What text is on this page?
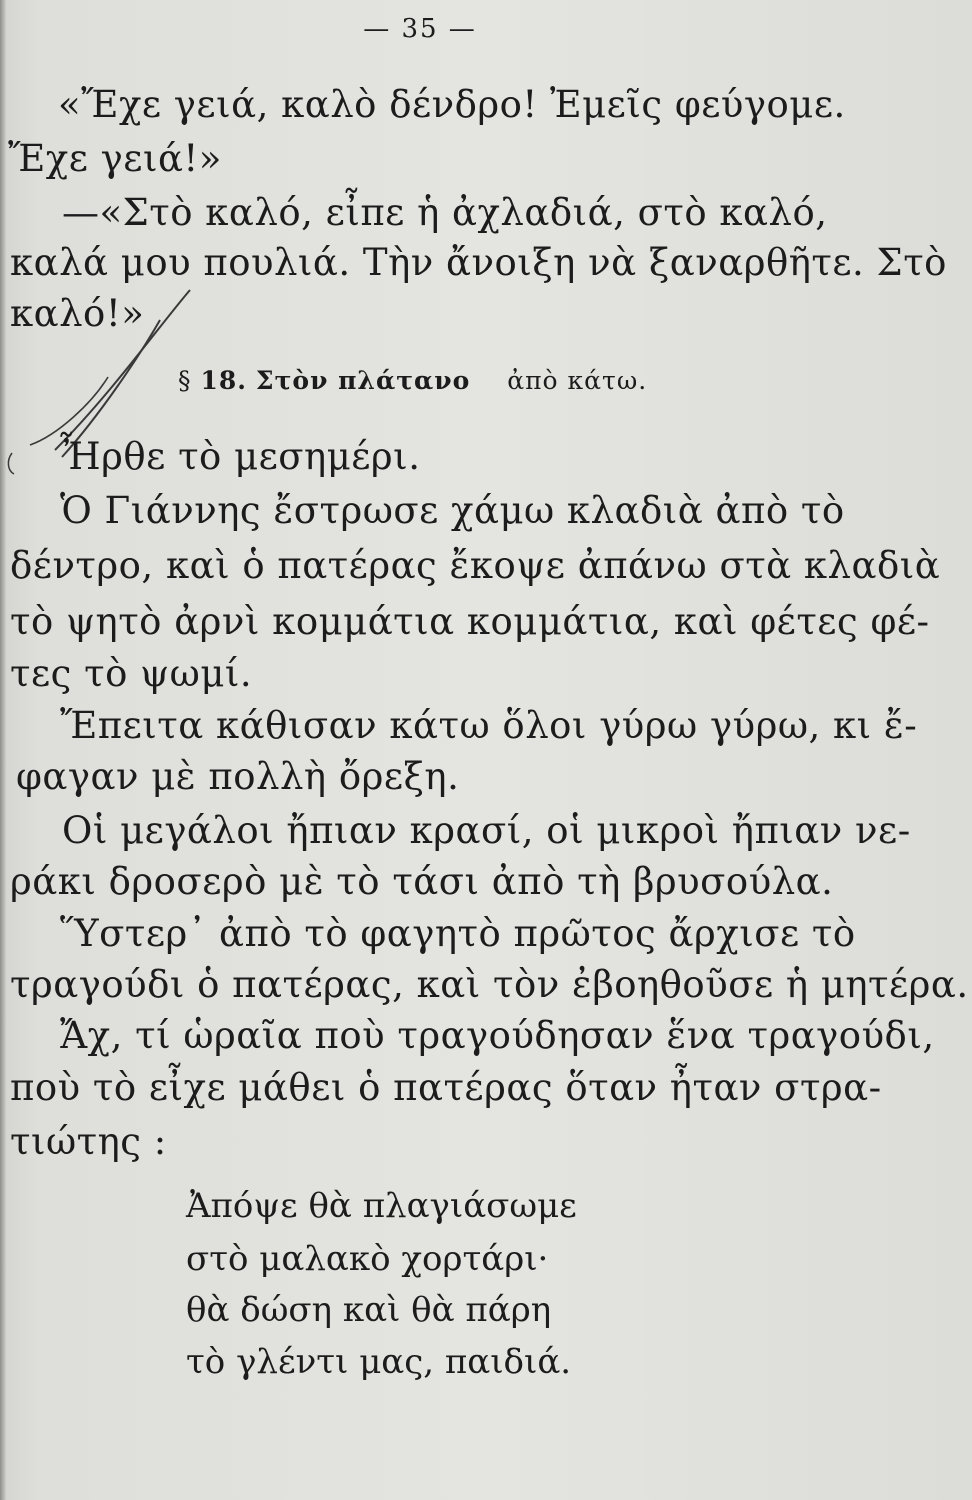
— 35 —
«Ἔχε γειά, καλὸ δένδρο! Ἐμεῖς φεύγομε.
Ἔχε γειά!»
—«Στὸ καλό, εἶπε ἡ ἀχλαδιά, στὸ καλό,
καλά μου πουλιά. Τὴν ἄνοιξη νὰ ξαναρθῆτε. Στὸ
καλό!»
§ 18. Στὸν πλάτανο ἀπὸ κάτω.
Ἦρθε τὸ μεσημέρι.
Ὁ Γιάννης ἔστρωσε χάμω κλαδιὰ ἀπὸ τὸ
δέντρο, καὶ ὁ πατέρας ἔκοψε ἀπάνω στὰ κλαδιὰ
τὸ ψητὸ ἀρνὶ κομμάτια κομμάτια, καὶ φέτες φέ-
τες τὸ ψωμί.
Ἔπειτα κάθισαν κάτω ὅλοι γύρω γύρω, κι ἔ-
φαγαν μὲ πολλὴ ὄρεξη.
Οἱ μεγάλοι ἤπιαν κρασί, οἱ μικροὶ ἤπιαν νε-
ράκι δροσερὸ μὲ τὸ τάσι ἀπὸ τὴ βρυσούλα.
Ὕστερ᾽ ἀπὸ τὸ φαγητὸ πρῶτος ἄρχισε τὸ
τραγούδι ὁ πατέρας, καὶ τὸν ἐβοηθοῦσε ἡ μητέρα.
Ἄχ, τί ὡραῖα ποὺ τραγούδησαν ἕνα τραγούδι,
ποὺ τὸ εἶχε μάθει ὁ πατέρας ὅταν ἦταν στρα-
τιώτης :
Ἀπόψε θὰ πλαγιάσωμε
στὸ μαλακὸ χορτάρι·
θὰ δώση καὶ θὰ πάρη
τὸ γλέντι μας, παιδιά.
